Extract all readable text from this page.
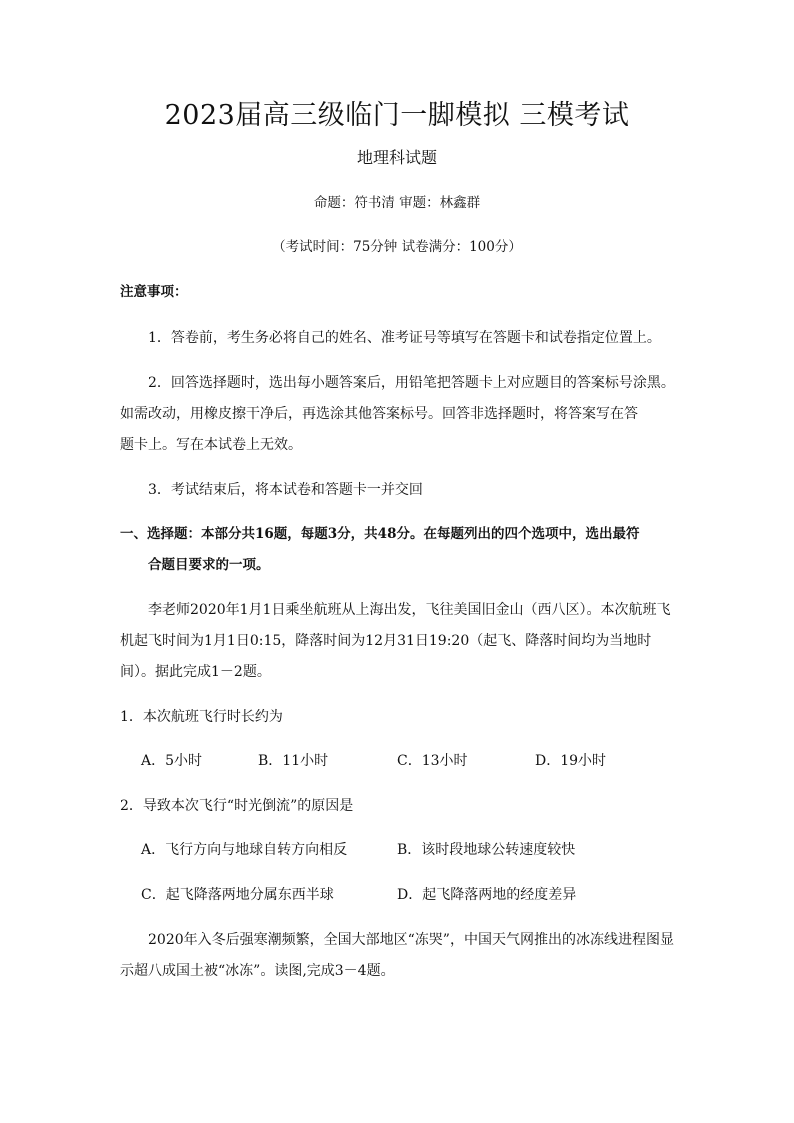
2023届高三级临门一脚模拟 三模考试
地理科试题
命题：符书清 审题：林鑫群
（考试时间：75分钟 试卷满分：100分）
注意事项：
1．答卷前，考生务必将自己的姓名、准考证号等填写在答题卡和试卷指定位置上。
2．回答选择题时，选出每小题答案后，用铅笔把答题卡上对应题目的答案标号涂黑。
如需改动，用橡皮擦干净后，再选涂其他答案标号。回答非选择题时，将答案写在答
题卡上。写在本试卷上无效。
3．考试结束后，将本试卷和答题卡一并交回
一、选择题：本部分共16题，每题3分，共48分。在每题列出的四个选项中，选出最符
合题目要求的一项。
李老师2020年1月1日乘坐航班从上海出发，飞往美国旧金山（西八区）。本次航班飞
机起飞时间为1月1日0:15，降落时间为12月31日19:20（起飞、降落时间均为当地时
间）。据此完成1－2题。
1．本次航班飞行时长约为
A．5小时	B．11小时	C．13小时	D．19小时
2．导致本次飞行“时光倒流”的原因是
A．飞行方向与地球自转方向相反	B．该时段地球公转速度较快
C．起飞降落两地分属东西半球	D．起飞降落两地的经度差异
2020年入冬后强寒潮频繁，全国大部地区“冻哭”，中国天气网推出的冰冻线进程图显
示超八成国土被“冰冻”。读图,完成3－4题。
